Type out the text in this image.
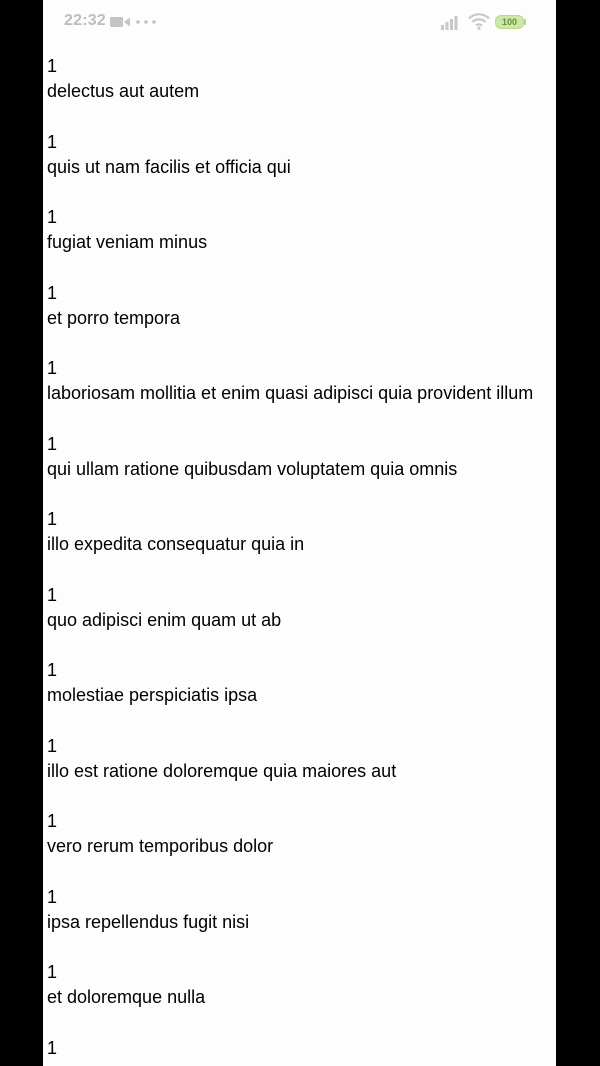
22:32	100
1
delectus aut autem
1
quis ut nam facilis et officia qui
1
fugiat veniam minus
1
et porro tempora
1
laboriosam mollitia et enim quasi adipisci quia provident illum
1
qui ullam ratione quibusdam voluptatem quia omnis
1
illo expedita consequatur quia in
1
quo adipisci enim quam ut ab
1
molestiae perspiciatis ipsa
1
illo est ratione doloremque quia maiores aut
1
vero rerum temporibus dolor
1
ipsa repellendus fugit nisi
1
et doloremque nulla
1
